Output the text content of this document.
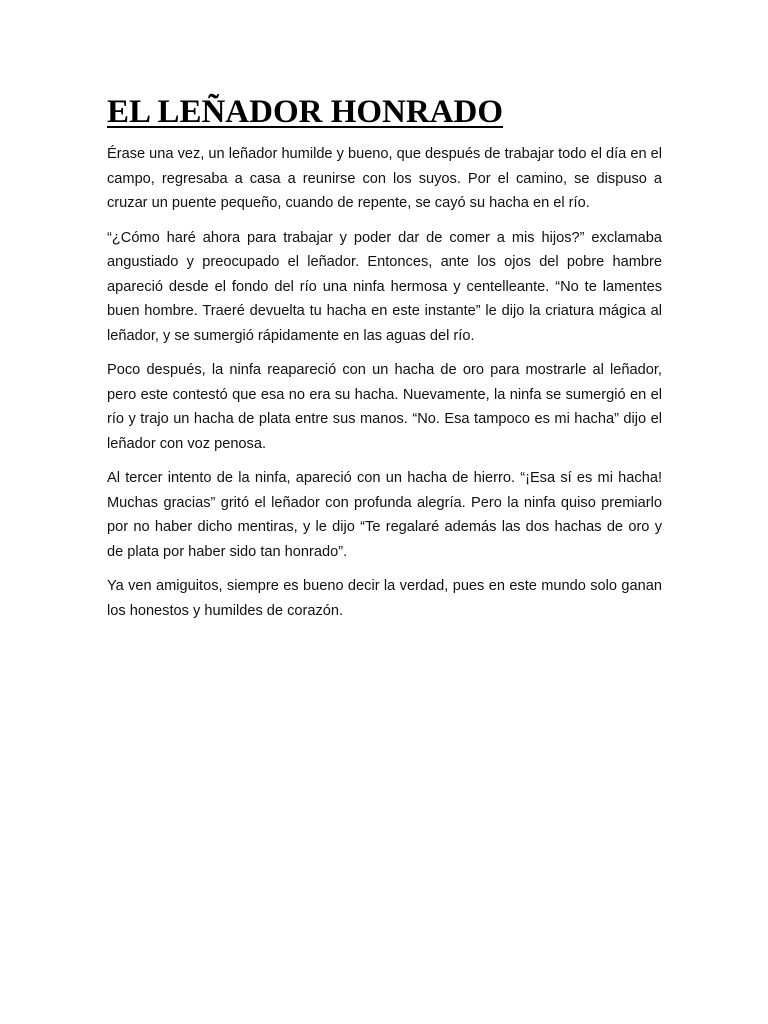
EL LEÑADOR HONRADO

Érase una vez, un leñador humilde y bueno, que después de trabajar todo el día en el campo, regresaba a casa a reunirse con los suyos. Por el camino, se dispuso a cruzar un puente pequeño, cuando de repente, se cayó su hacha en el río.

“¿Cómo haré ahora para trabajar y poder dar de comer a mis hijos?” exclamaba angustiado y preocupado el leñador. Entonces, ante los ojos del pobre hambre apareció desde el fondo del río una ninfa hermosa y centelleante. “No te lamentes buen hombre. Traeré devuelta tu hacha en este instante” le dijo la criatura mágica al leñador, y se sumergió rápidamente en las aguas del río.

Poco después, la ninfa reapareció con un hacha de oro para mostrarle al leñador, pero este contestó que esa no era su hacha. Nuevamente, la ninfa se sumergió en el río y trajo un hacha de plata entre sus manos. “No. Esa tampoco es mi hacha” dijo el leñador con voz penosa.

Al tercer intento de la ninfa, apareció con un hacha de hierro. “¡Esa sí es mi hacha! Muchas gracias” gritó el leñador con profunda alegría. Pero la ninfa quiso premiarlo por no haber dicho mentiras, y le dijo “Te regalaré además las dos hachas de oro y de plata por haber sido tan honrado”.

Ya ven amiguitos, siempre es bueno decir la verdad, pues en este mundo solo ganan los honestos y humildes de corazón.
